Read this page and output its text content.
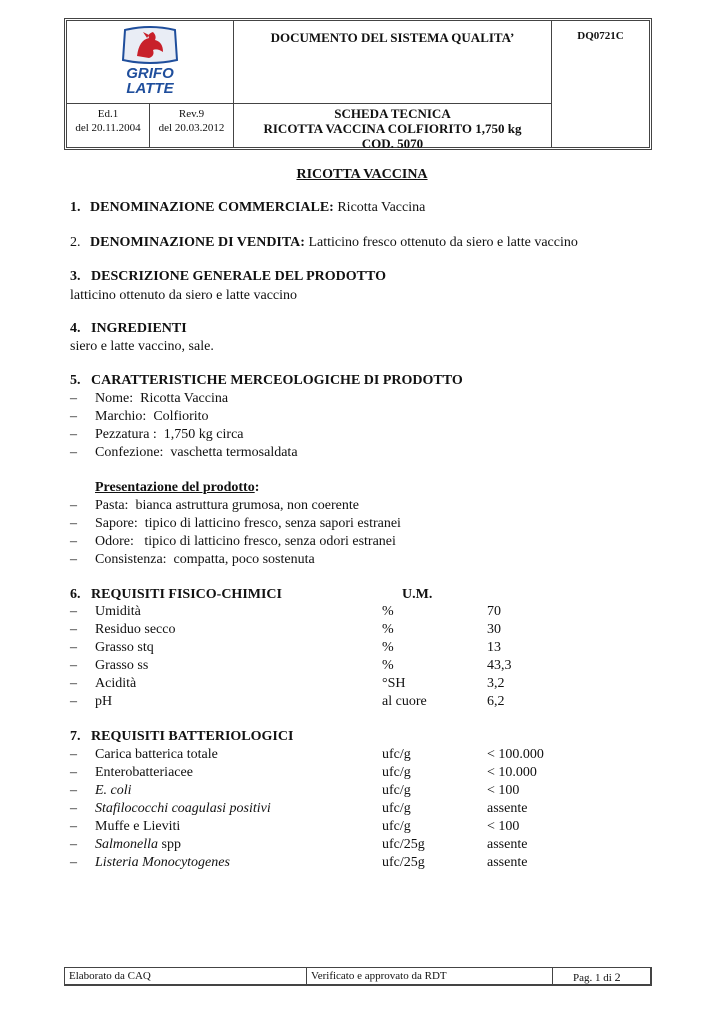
GRIFO
LATTE
DOCUMENTO DEL SISTEMA QUALITA’	DQ0721C
Ed.1
del 20.11.2004
Rev.9
del 20.03.2012
SCHEDA TECNICA
RICOTTA VACCINA COLFIORITO 1,750 kg
COD. 5070
RICOTTA VACCINA
1. DENOMINAZIONE COMMERCIALE: Ricotta Vaccina
2. DENOMINAZIONE DI VENDITA: Latticino fresco ottenuto da siero e latte vaccino
3.   DESCRIZIONE GENERALE DEL PRODOTTO
latticino ottenuto da siero e latte vaccino
4.   INGREDIENTI
siero e latte vaccino, sale.
5.   CARATTERISTICHE MERCEOLOGICHE DI PRODOTTO
– Nome:  Ricotta Vaccina
– Marchio:  Colfiorito
– Pezzatura :  1,750 kg circa
– Confezione:  vaschetta termosaldata
Presentazione del prodotto:
– Pasta:  bianca astruttura grumosa, non coerente
– Sapore:  tipico di latticino fresco, senza sapori estranei
– Odore:   tipico di latticino fresco, senza odori estranei
– Consistenza:  compatta, poco sostenuta
6.   REQUISITI FISICO-CHIMICI	U.M.
– Umidità	%	70
– Residuo secco	%	30
– Grasso stq	%	13
– Grasso ss	%	43,3
– Acidità	°SH	3,2
– pH	al cuore	6,2
7.   REQUISITI BATTERIOLOGICI
– Carica batterica totale	ufc/g	< 100.000
– Enterobatteriacee	ufc/g	< 10.000
– E. coli	ufc/g	< 100
– Stafilococchi coagulasi positivi	ufc/g	assente
– Muffe e Lieviti	ufc/g	< 100
– Salmonella spp	ufc/25g	assente
– Listeria Monocytogenes	ufc/25g	assente
Elaborato da CAQ	Verificato e approvato da RDT	Pag. 1 di 2
